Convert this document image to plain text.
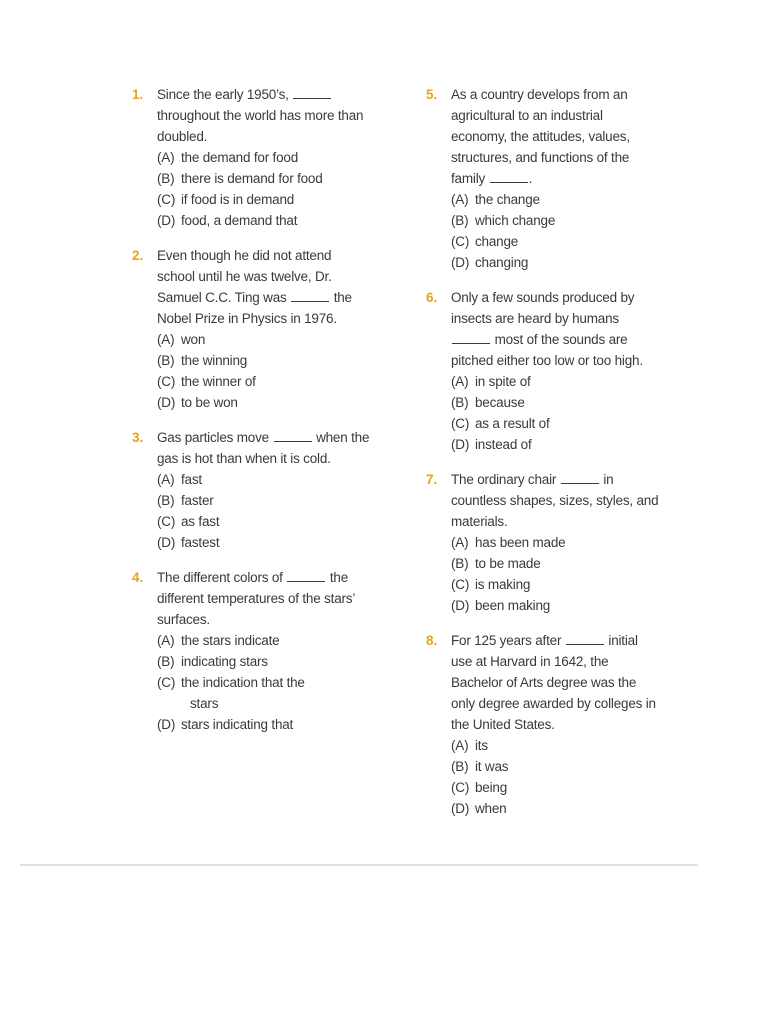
1.	Since the early 1950’s,  throughout the world has more than doubled.

(A) the demand for food
(B) there is demand for food
(C) if food is in demand
(D) food, a demand that
2.	Even though he did not attend school until he was twelve, Dr. Samuel C.C. Ting was	the Nobel Prize in Physics in 1976.

(A) won
(B) the winning
(C) the winner of
(D) to be won
3.	Gas particles move	when the gas is hot than when it is cold.

(A) fast
(B) faster
(C) as fast
(D) fastest
4.	The different colors of	the different temperatures of the stars’ surfaces.

(A) the stars indicate
(B) indicating stars
(C) the indication that the
stars
(D) stars indicating that
5.	As a country develops from an agricultural to an industrial economy, the attitudes, values, structures, and functions of the family	.

(A) the change
(B) which change
(C) change
(D) changing
6.	Only a few sounds produced by insects are heard by humans  most of the sounds are pitched either too low or too high.

(A) in spite of
(B) because
(C) as a result of
(D) instead of
7.	The ordinary chair	in countless shapes, sizes, styles, and materials.

(A) has been made
(B) to be made
(C) is making
(D) been making
8.	For 125 years after	initial use at Harvard in 1642, the Bachelor of Arts degree was the only degree awarded by colleges in the United States.

(A) its
(B) it was
(C) being
(D) when
